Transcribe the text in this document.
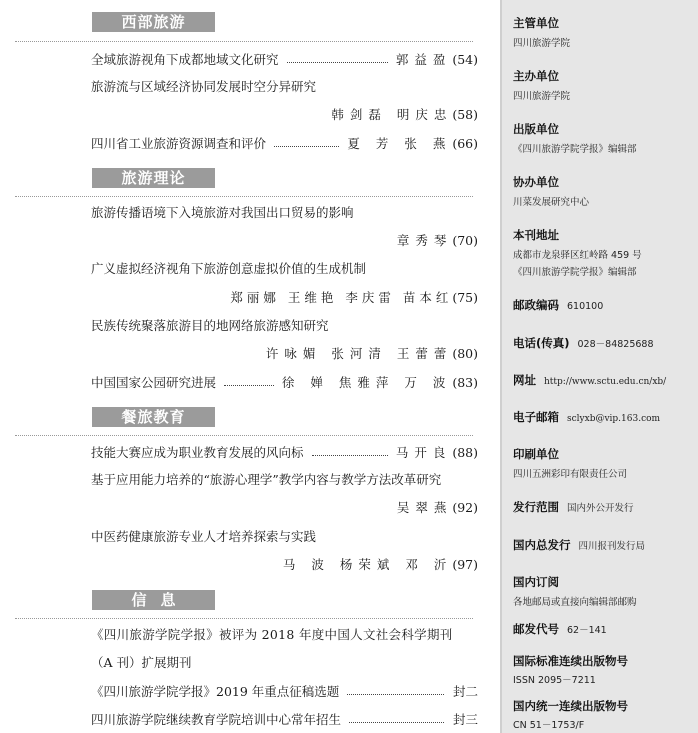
西部旅游
全域旅游视角下成都地域文化研究	郭益盈 (54)
旅游流与区域经济协同发展时空分异研究
韩剑磊 明庆忠(58)
四川省工业旅游资源调查和评价	夏 芳 张 燕 (66)
旅游理论
旅游传播语境下入境旅游对我国出口贸易的影响
章秀琴(70)
广义虚拟经济视角下旅游创意虚拟价值的生成机制
郑丽娜 王维艳 李庆雷 苗本红(75)
民族传统聚落旅游目的地网络旅游感知研究
许咏媚 张河清 王蕾蕾(80)
中国国家公园研究进展	徐 婵 焦雅萍 万 波 (83)
餐旅教育
技能大赛应成为职业教育发展的风向标	马开良 (88)
基于应用能力培养的“旅游心理学”教学内容与教学方法改革研究
吴翠燕(92)
中医药健康旅游专业人才培养探索与实践
马 波 杨荣斌 邓 沂(97)
信息
《四川旅游学院学报》被评为 2018 年度中国人文社会科学期刊
（A 刊）扩展期刊
《四川旅游学院学报》2019 年重点征稿选题	封二
四川旅游学院继续教育学院培训中心常年招生	封三
主管单位
四川旅游学院
主办单位
四川旅游学院
出版单位
《四川旅游学院学报》编辑部
协办单位
川菜发展研究中心
本刊地址
成都市龙泉驿区红岭路 459 号
《四川旅游学院学报》编辑部
邮政编码 610100
电话(传真) 028－84825688
网址 http://www.sctu.edu.cn/xb/
电子邮箱 sclyxb@vip.163.com
印刷单位
四川五洲彩印有限责任公司
发行范围 国内外公开发行
国内总发行 四川报刊发行局
国内订阅
各地邮局或直接向编辑部邮购
邮发代号 62－141
国际标准连续出版物号
ISSN 2095－7211
国内统一连续出版物号
CN 51－1753/F
